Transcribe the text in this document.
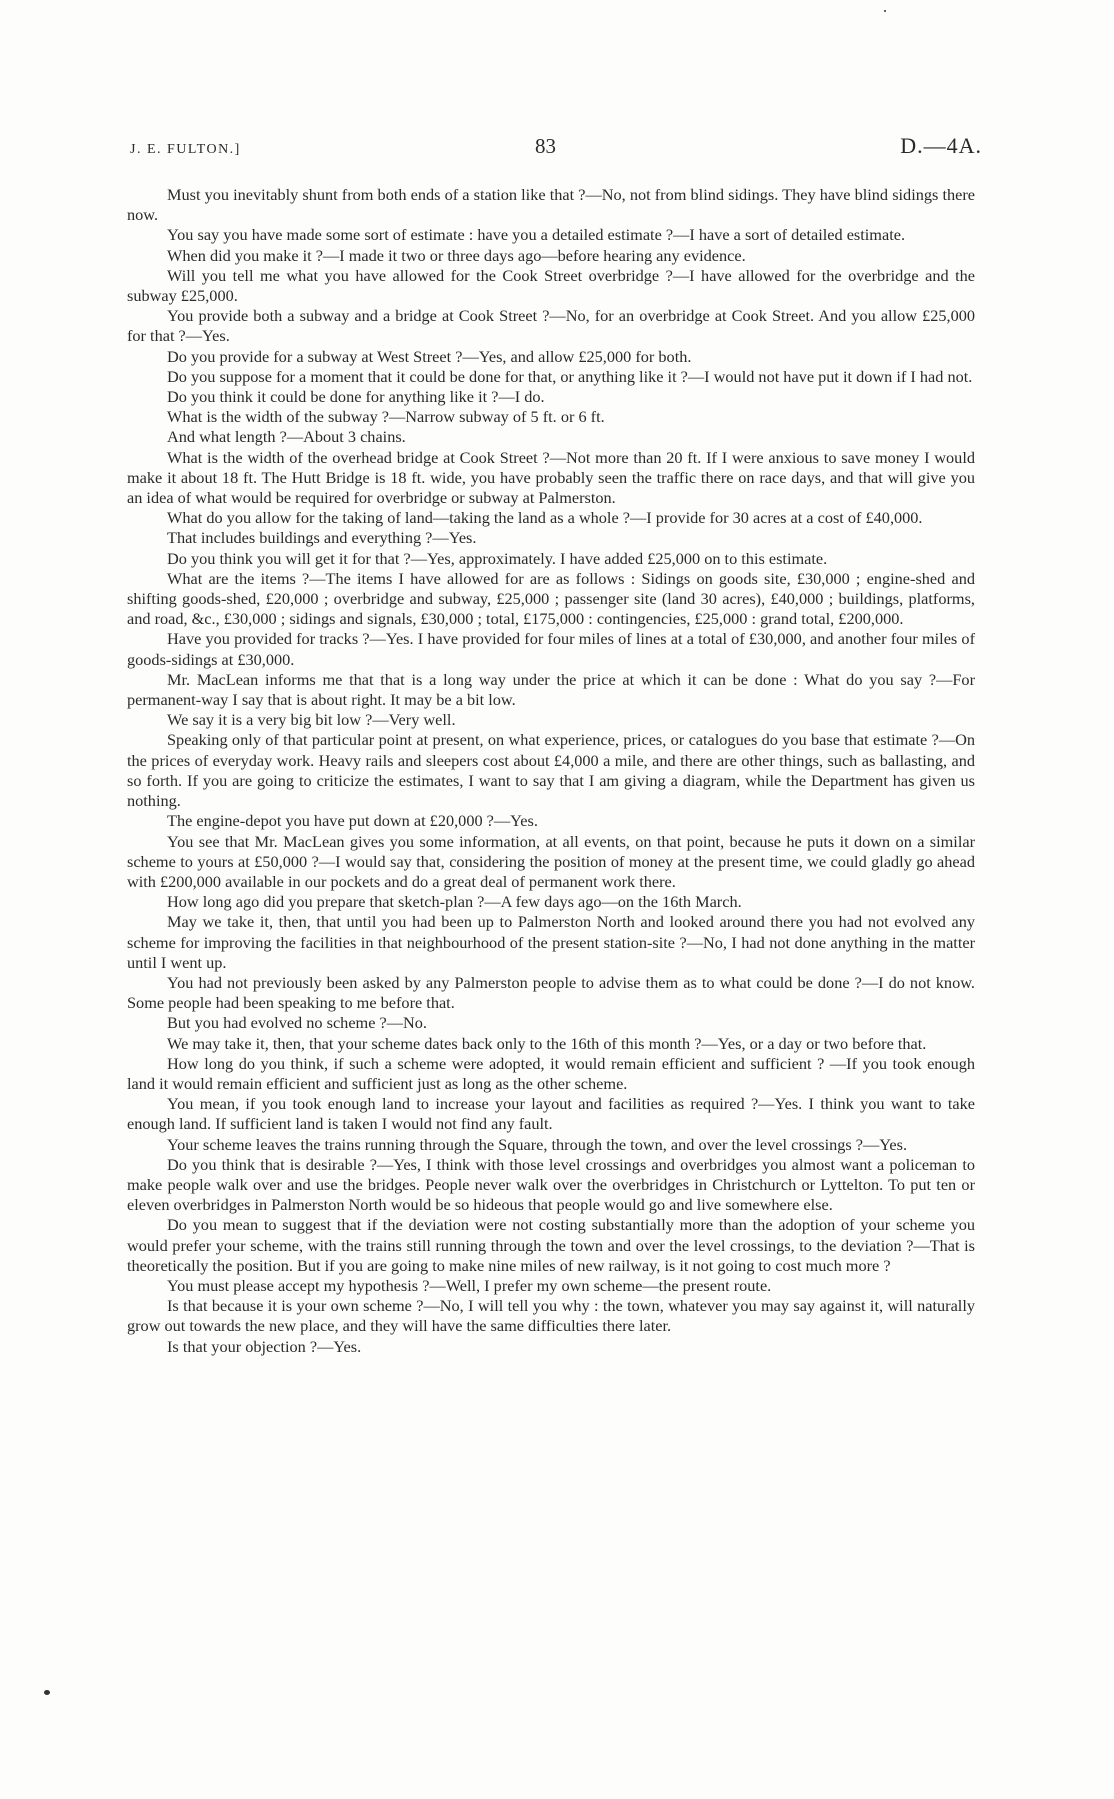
J. E. FULTON.]	83	D.—4A.

Must you inevitably shunt from both ends of a station like that ?—No, not from blind sidings. They have blind sidings there now.

You say you have made some sort of estimate : have you a detailed estimate ?—I have a sort of detailed estimate.

When did you make it ?—I made it two or three days ago—before hearing any evidence.

Will you tell me what you have allowed for the Cook Street overbridge ?—I have allowed for the overbridge and the subway £25,000.

You provide both a subway and a bridge at Cook Street ?—No, for an overbridge at Cook Street. And you allow £25,000 for that ?—Yes.

Do you provide for a subway at West Street ?—Yes, and allow £25,000 for both.

Do you suppose for a moment that it could be done for that, or anything like it ?—I would not have put it down if I had not.

Do you think it could be done for anything like it ?—I do.

What is the width of the subway ?—Narrow subway of 5 ft. or 6 ft.

And what length ?—About 3 chains.

What is the width of the overhead bridge at Cook Street ?—Not more than 20 ft. If I were anxious to save money I would make it about 18 ft. The Hutt Bridge is 18 ft. wide, you have probably seen the traffic there on race days, and that will give you an idea of what would be required for overbridge or subway at Palmerston.

What do you allow for the taking of land—taking the land as a whole ?—I provide for 30 acres at a cost of £40,000.

That includes buildings and everything ?—Yes.

Do you think you will get it for that ?—Yes, approximately. I have added £25,000 on to this estimate.

What are the items ?—The items I have allowed for are as follows : Sidings on goods site, £30,000 ; engine-shed and shifting goods-shed, £20,000 ; overbridge and subway, £25,000 ; passenger site (land 30 acres), £40,000 ; buildings, platforms, and road, &c., £30,000 ; sidings and signals, £30,000 ; total, £175,000 : contingencies, £25,000 : grand total, £200,000.

Have you provided for tracks ?—Yes. I have provided for four miles of lines at a total of £30,000, and another four miles of goods-sidings at £30,000.

Mr. MacLean informs me that that is a long way under the price at which it can be done : What do you say ?—For permanent-way I say that is about right. It may be a bit low.

We say it is a very big bit low ?—Very well.

Speaking only of that particular point at present, on what experience, prices, or catalogues do you base that estimate ?—On the prices of everyday work. Heavy rails and sleepers cost about £4,000 a mile, and there are other things, such as ballasting, and so forth. If you are going to criticize the estimates, I want to say that I am giving a diagram, while the Department has given us nothing.

The engine-depot you have put down at £20,000 ?—Yes.

You see that Mr. MacLean gives you some information, at all events, on that point, because he puts it down on a similar scheme to yours at £50,000 ?—I would say that, considering the position of money at the present time, we could gladly go ahead with £200,000 available in our pockets and do a great deal of permanent work there.

How long ago did you prepare that sketch-plan ?—A few days ago—on the 16th March.

May we take it, then, that until you had been up to Palmerston North and looked around there you had not evolved any scheme for improving the facilities in that neighbourhood of the present station-site ?—No, I had not done anything in the matter until I went up.

You had not previously been asked by any Palmerston people to advise them as to what could be done ?—I do not know. Some people had been speaking to me before that.

But you had evolved no scheme ?—No.

We may take it, then, that your scheme dates back only to the 16th of this month ?—Yes, or a day or two before that.

How long do you think, if such a scheme were adopted, it would remain efficient and sufficient ? —If you took enough land it would remain efficient and sufficient just as long as the other scheme.

You mean, if you took enough land to increase your layout and facilities as required ?—Yes. I think you want to take enough land. If sufficient land is taken I would not find any fault.

Your scheme leaves the trains running through the Square, through the town, and over the level crossings ?—Yes.

Do you think that is desirable ?—Yes, I think with those level crossings and overbridges you almost want a policeman to make people walk over and use the bridges. People never walk over the overbridges in Christchurch or Lyttelton. To put ten or eleven overbridges in Palmerston North would be so hideous that people would go and live somewhere else.

Do you mean to suggest that if the deviation were not costing substantially more than the adoption of your scheme you would prefer your scheme, with the trains still running through the town and over the level crossings, to the deviation ?—That is theoretically the position. But if you are going to make nine miles of new railway, is it not going to cost much more ?

You must please accept my hypothesis ?—Well, I prefer my own scheme—the present route.

Is that because it is your own scheme ?—No, I will tell you why : the town, whatever you may say against it, will naturally grow out towards the new place, and they will have the same difficulties there later.

Is that your objection ?—Yes.
